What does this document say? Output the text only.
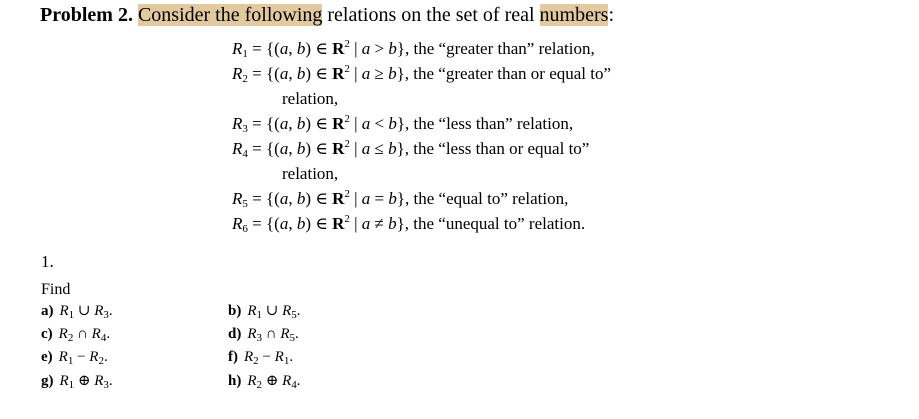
Problem 2. Consider the following relations on the set of real numbers:
$R_1 = \{(a$, b) ∈ $R^2$ | a > b}, the “greater than” relation,
$R_2 = \{(a$, b) ∈ $R^2$ | a ≥ b}, the “greater than or equal to”
relation,
$R_3 = \{(a$, b) ∈ $R^2$ | a < b}, the “less than” relation,
$R_4 = \{(a$, b) ∈ $R^2$ | a ≤ b}, the “less than or equal to”
relation,
$R_5 = \{(a$, b) ∈ $R^2$ | a = b}, the “equal to” relation,
$R_6 = \{(a$, b) ∈ $R^2$ | a ≠ b}, the “unequal to” relation.
1.
Find
a) $R_1$ ∪ $R_3$.	b) $R_1$ ∪ $R_5$.
c) $R_2$ ∩ $R_4$.	d) $R_3$ ∩ $R_5$.
e) $R_1 - R_2$.	f) $R_2 - R_1$.
g) $R_1$ ⊕ $R_3$.	h) $R_2$ ⊕ $R_4$.
